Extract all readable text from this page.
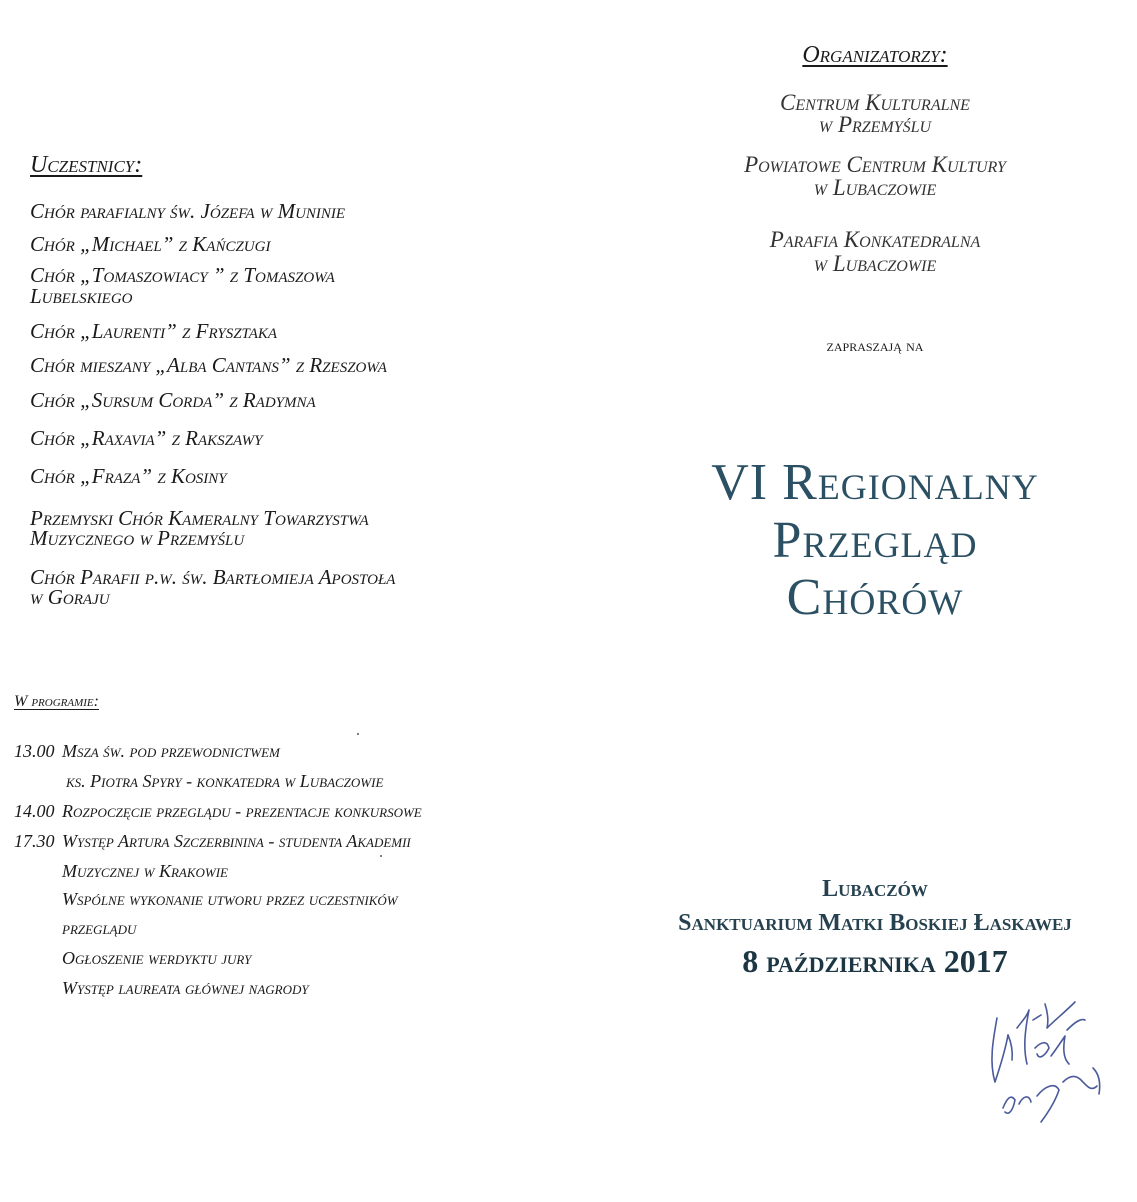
Uczestnicy:
Chór parafialny św. Józefa w Muninie
Chór „Michael” z Kańczugi
Chór „Tomaszowiacy ” z Tomaszowa
Lubelskiego
Chór „Laurenti” z Frysztaka
Chór mieszany „Alba Cantans” z Rzeszowa
Chór „Sursum Corda” z Radymna
Chór „Raxavia” z Rakszawy
Chór „Fraza” z Kosiny
Przemyski Chór Kameralny Towarzystwa
Muzycznego w Przemyślu
Chór Parafii p.w. św. Bartłomieja Apostoła
w Goraju
W programie:
13.00 Msza św. pod przewodnictwem
ks. Piotra Spyry - konkatedra w Lubaczowie
14.00 Rozpoczęcie przeglądu - prezentacje konkursowe
17.30 Występ Artura Szczerbinina - studenta Akademii
Muzycznej w Krakowie
Wspólne wykonanie utworu przez uczestników
przeglądu
Ogłoszenie werdyktu jury
Występ laureata głównej nagrody
Organizatorzy:
Centrum Kulturalne
w Przemyślu
Powiatowe Centrum Kultury
w Lubaczowie
Parafia Konkatedralna
w Lubaczowie
zapraszają na
VI Regionalny
Przegląd
Chórów
Lubaczów
Sanktuarium Matki Boskiej Łaskawej
8 października 2017
